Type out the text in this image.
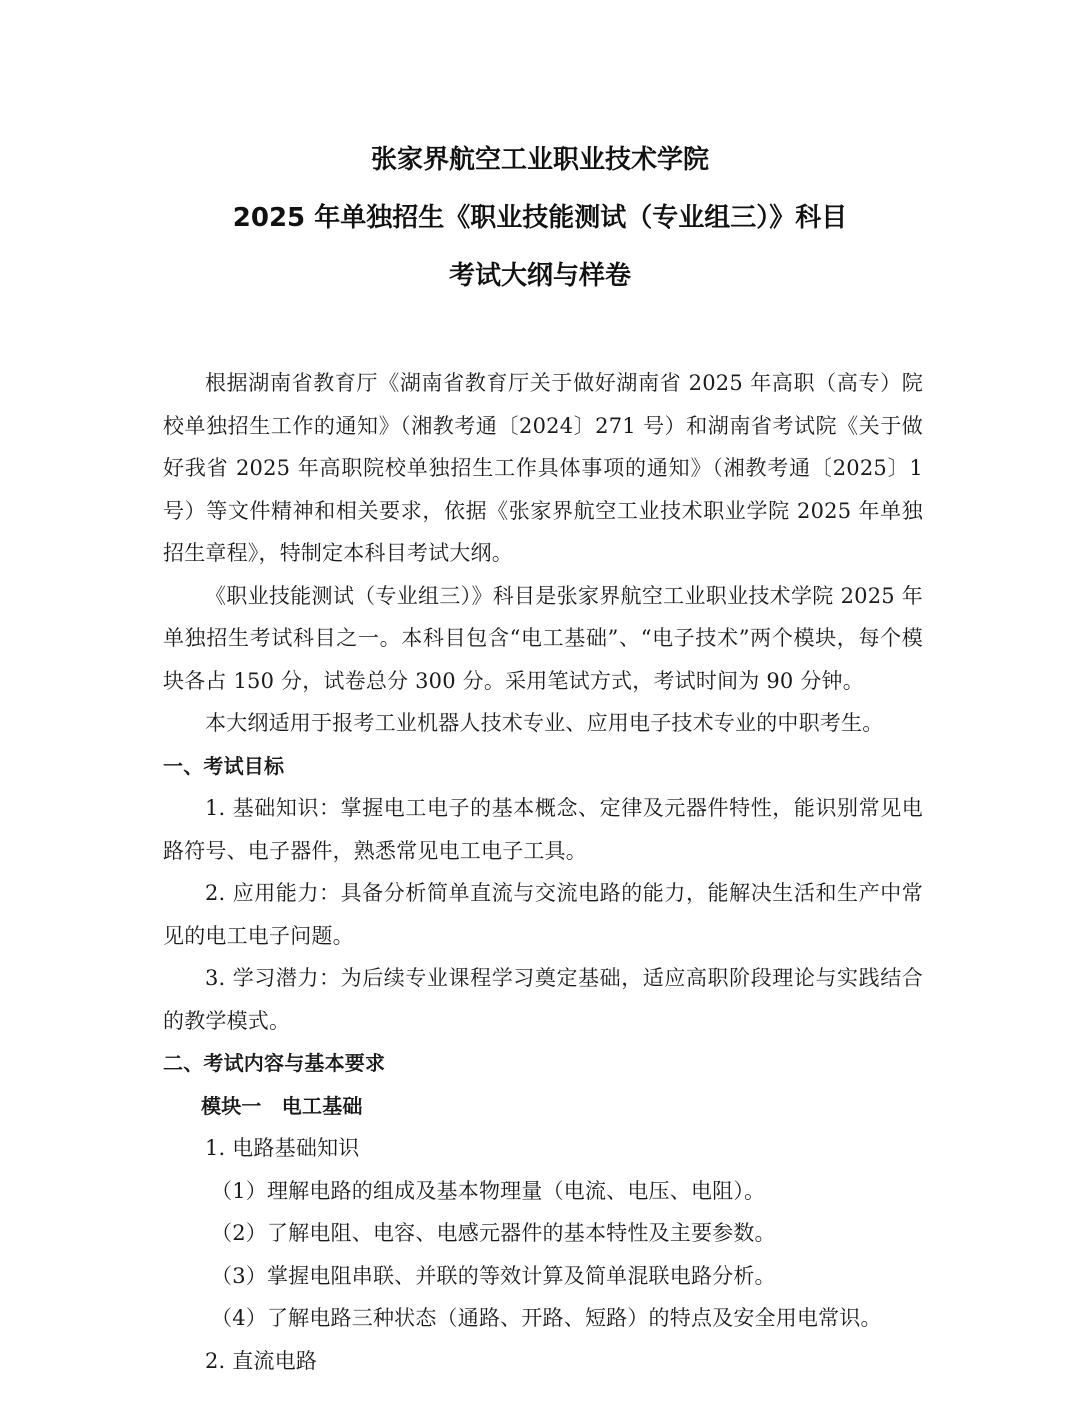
张家界航空工业职业技术学院
2025 年单独招生《职业技能测试（专业组三）》科目
考试大纲与样卷

根据湖南省教育厅《湖南省教育厅关于做好湖南省 2025 年高职（高专）院校单独招生工作的通知》（湘教考通〔2024〕271 号）和湖南省考试院《关于做好我省 2025 年高职院校单独招生工作具体事项的通知》（湘教考通〔2025〕1号）等文件精神和相关要求，依据《张家界航空工业技术职业学院 2025 年单独招生章程》，特制定本科目考试大纲。

《职业技能测试（专业组三）》科目是张家界航空工业职业技术学院 2025 年单独招生考试科目之一。本科目包含“电工基础”、“电子技术”两个模块，每个模块各占 150 分，试卷总分 300 分。采用笔试方式，考试时间为 90 分钟。

本大纲适用于报考工业机器人技术专业、应用电子技术专业的中职考生。

一、考试目标

1. 基础知识：掌握电工电子的基本概念、定律及元器件特性，能识别常见电路符号、电子器件，熟悉常见电工电子工具。

2. 应用能力：具备分析简单直流与交流电路的能力，能解决生活和生产中常见的电工电子问题。

3. 学习潜力：为后续专业课程学习奠定基础，适应高职阶段理论与实践结合的教学模式。

二、考试内容与基本要求

模块一　电工基础

1. 电路基础知识

（1）理解电路的组成及基本物理量（电流、电压、电阻）。

（2）了解电阻、电容、电感元器件的基本特性及主要参数。

（3）掌握电阻串联、并联的等效计算及简单混联电路分析。

（4）了解电路三种状态（通路、开路、短路）的特点及安全用电常识。

2. 直流电路
